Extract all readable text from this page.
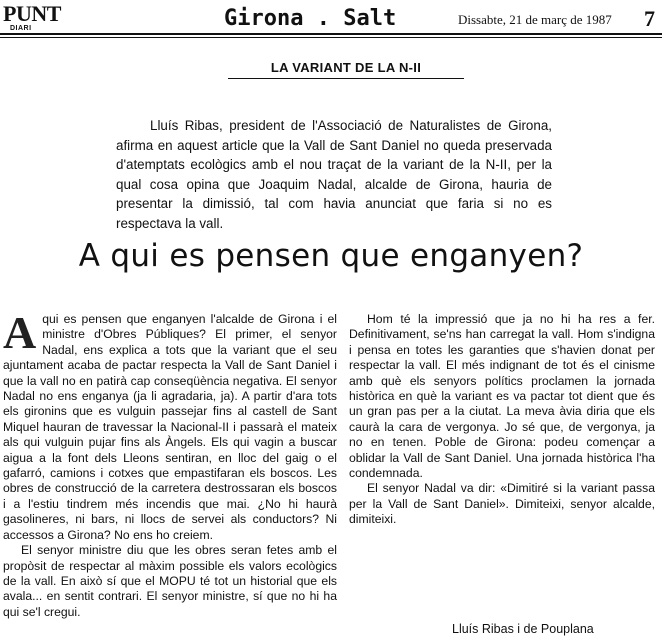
PUNT
DIARI	Girona . Salt	Dissabte, 21 de març de 1987 7
LA VARIANT DE LA N-II

Lluís Ribas, president de l'Associació de Naturalistes de Girona, afirma en aquest article que la Vall de Sant Daniel no queda preservada d'atemptats ecològics amb el nou traçat de la variant de la N-II, per la qual cosa opina que Joaquim Nadal, alcalde de Girona, hauria de presentar la dimissió, tal com havia anunciat que faria si no es respectava la vall.

A qui es pensen que enganyen?

Aqui es pensen que enganyen l'alcalde de Girona i el ministre d'Obres Públiques? El primer, el senyor Nadal, ens explica a tots que la variant que el seu ajuntament acaba de pactar respecta la Vall de Sant Daniel i que la vall no en patirà cap conseqüència negativa. El senyor Nadal no ens enganya (ja li agradaria, ja). A partir d'ara tots els gironins que es vulguin passejar fins al castell de Sant Miquel hauran de travessar la Nacional-II i passarà el mateix als qui vulguin pujar fins als Àngels. Els qui vagin a buscar aigua a la font dels Lleons sentiran, en lloc del gaig o el gafarró, camions i cotxes que empastifaran els boscos. Les obres de construcció de la carretera destrossaran els boscos i a l'estiu tindrem més incendis que mai. ¿No hi haurà gasolineres, ni bars, ni llocs de servei als conductors? Ni accessos a Girona? No ens ho creiem.

El senyor ministre diu que les obres seran fetes amb el propòsit de respectar al màxim possible els valors ecològics de la vall. En això sí que el MOPU té tot un historial que els avala... en sentit contrari. El senyor ministre, sí que no hi ha qui se'l cregui.

Hom té la impressió que ja no hi ha res a fer. Definitivament, se'ns han carregat la vall. Hom s'indigna i pensa en totes les garanties que s'havien donat per respectar la vall. El més indignant de tot és el cinisme amb què els senyors polítics proclamen la jornada històrica en què la variant es va pactar tot dient que és un gran pas per a la ciutat. La meva àvia diria que els caurà la cara de vergonya. Jo sé que, de vergonya, ja no en tenen. Poble de Girona: podeu començar a oblidar la Vall de Sant Daniel. Una jornada històrica l'ha condemnada.

El senyor Nadal va dir: «Dimitiré si la variant passa per la Vall de Sant Daniel». Dimiteixi, senyor alcalde, dimiteixi.

Lluís Ribas i de Pouplana
